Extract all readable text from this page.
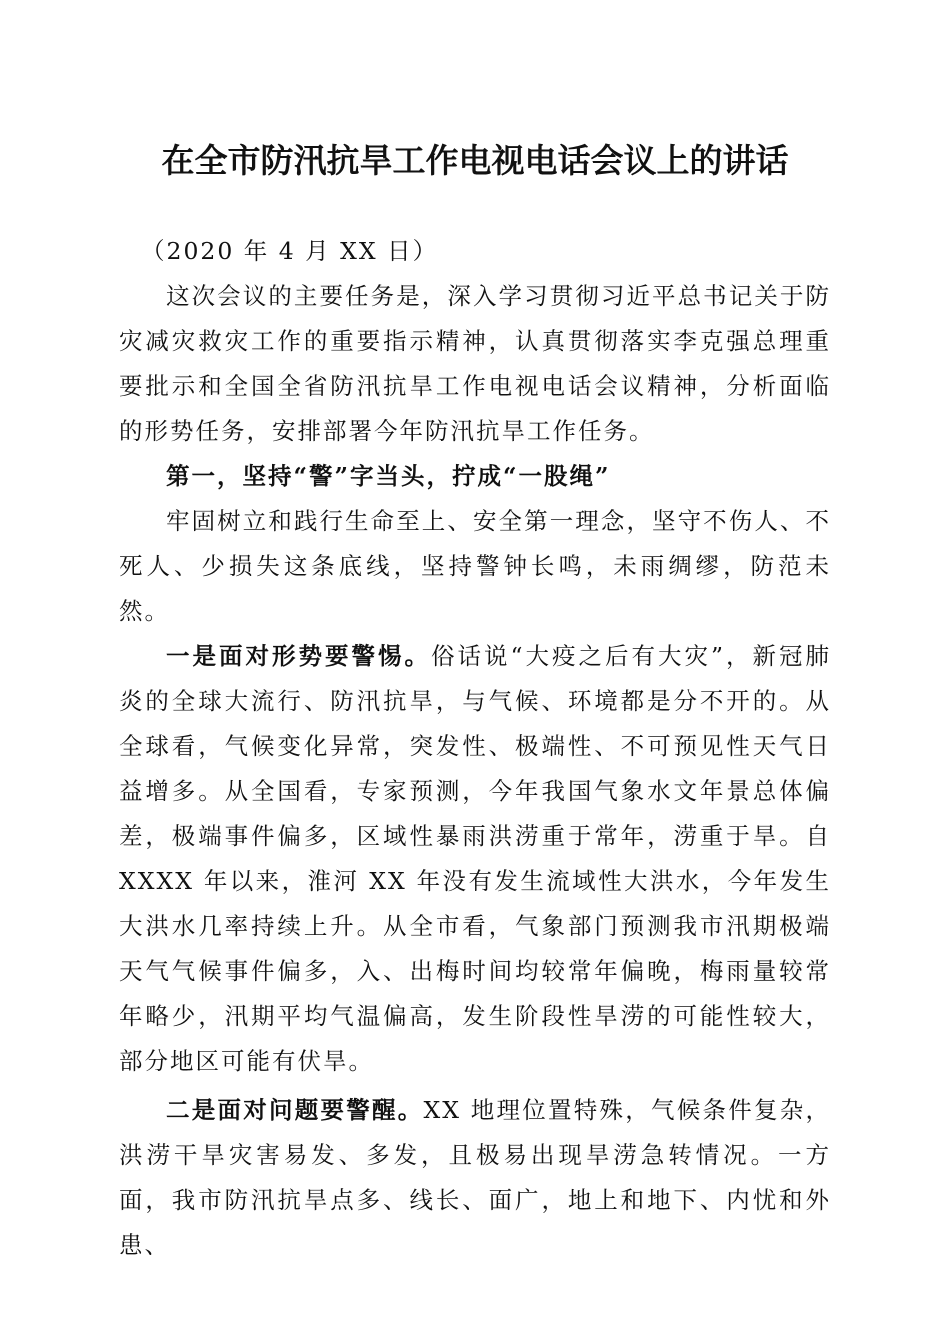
在全市防汛抗旱工作电视电话会议上的讲话

（2020 年 4 月 XX 日）

这次会议的主要任务是，深入学习贯彻习近平总书记关于防灾减灾救灾工作的重要指示精神，认真贯彻落实李克强总理重要批示和全国全省防汛抗旱工作电视电话会议精神，分析面临的形势任务，安排部署今年防汛抗旱工作任务。

第一，坚持“警”字当头，拧成“一股绳”

牢固树立和践行生命至上、安全第一理念，坚守不伤人、不死人、少损失这条底线，坚持警钟长鸣，未雨绸缪，防范未然。

一是面对形势要警惕。俗话说“大疫之后有大灾”，新冠肺炎的全球大流行、防汛抗旱，与气候、环境都是分不开的。从全球看，气候变化异常，突发性、极端性、不可预见性天气日益增多。从全国看，专家预测，今年我国气象水文年景总体偏差，极端事件偏多，区域性暴雨洪涝重于常年，涝重于旱。自 XXXX 年以来，淮河 XX 年没有发生流域性大洪水，今年发生大洪水几率持续上升。从全市看，气象部门预测我市汛期极端天气气候事件偏多，入、出梅时间均较常年偏晚，梅雨量较常年略少，汛期平均气温偏高，发生阶段性旱涝的可能性较大，部分地区可能有伏旱。

二是面对问题要警醒。XX 地理位置特殊，气候条件复杂，洪涝干旱灾害易发、多发，且极易出现旱涝急转情况。一方面，我市防汛抗旱点多、线长、面广，地上和地下、内忧和外患、
